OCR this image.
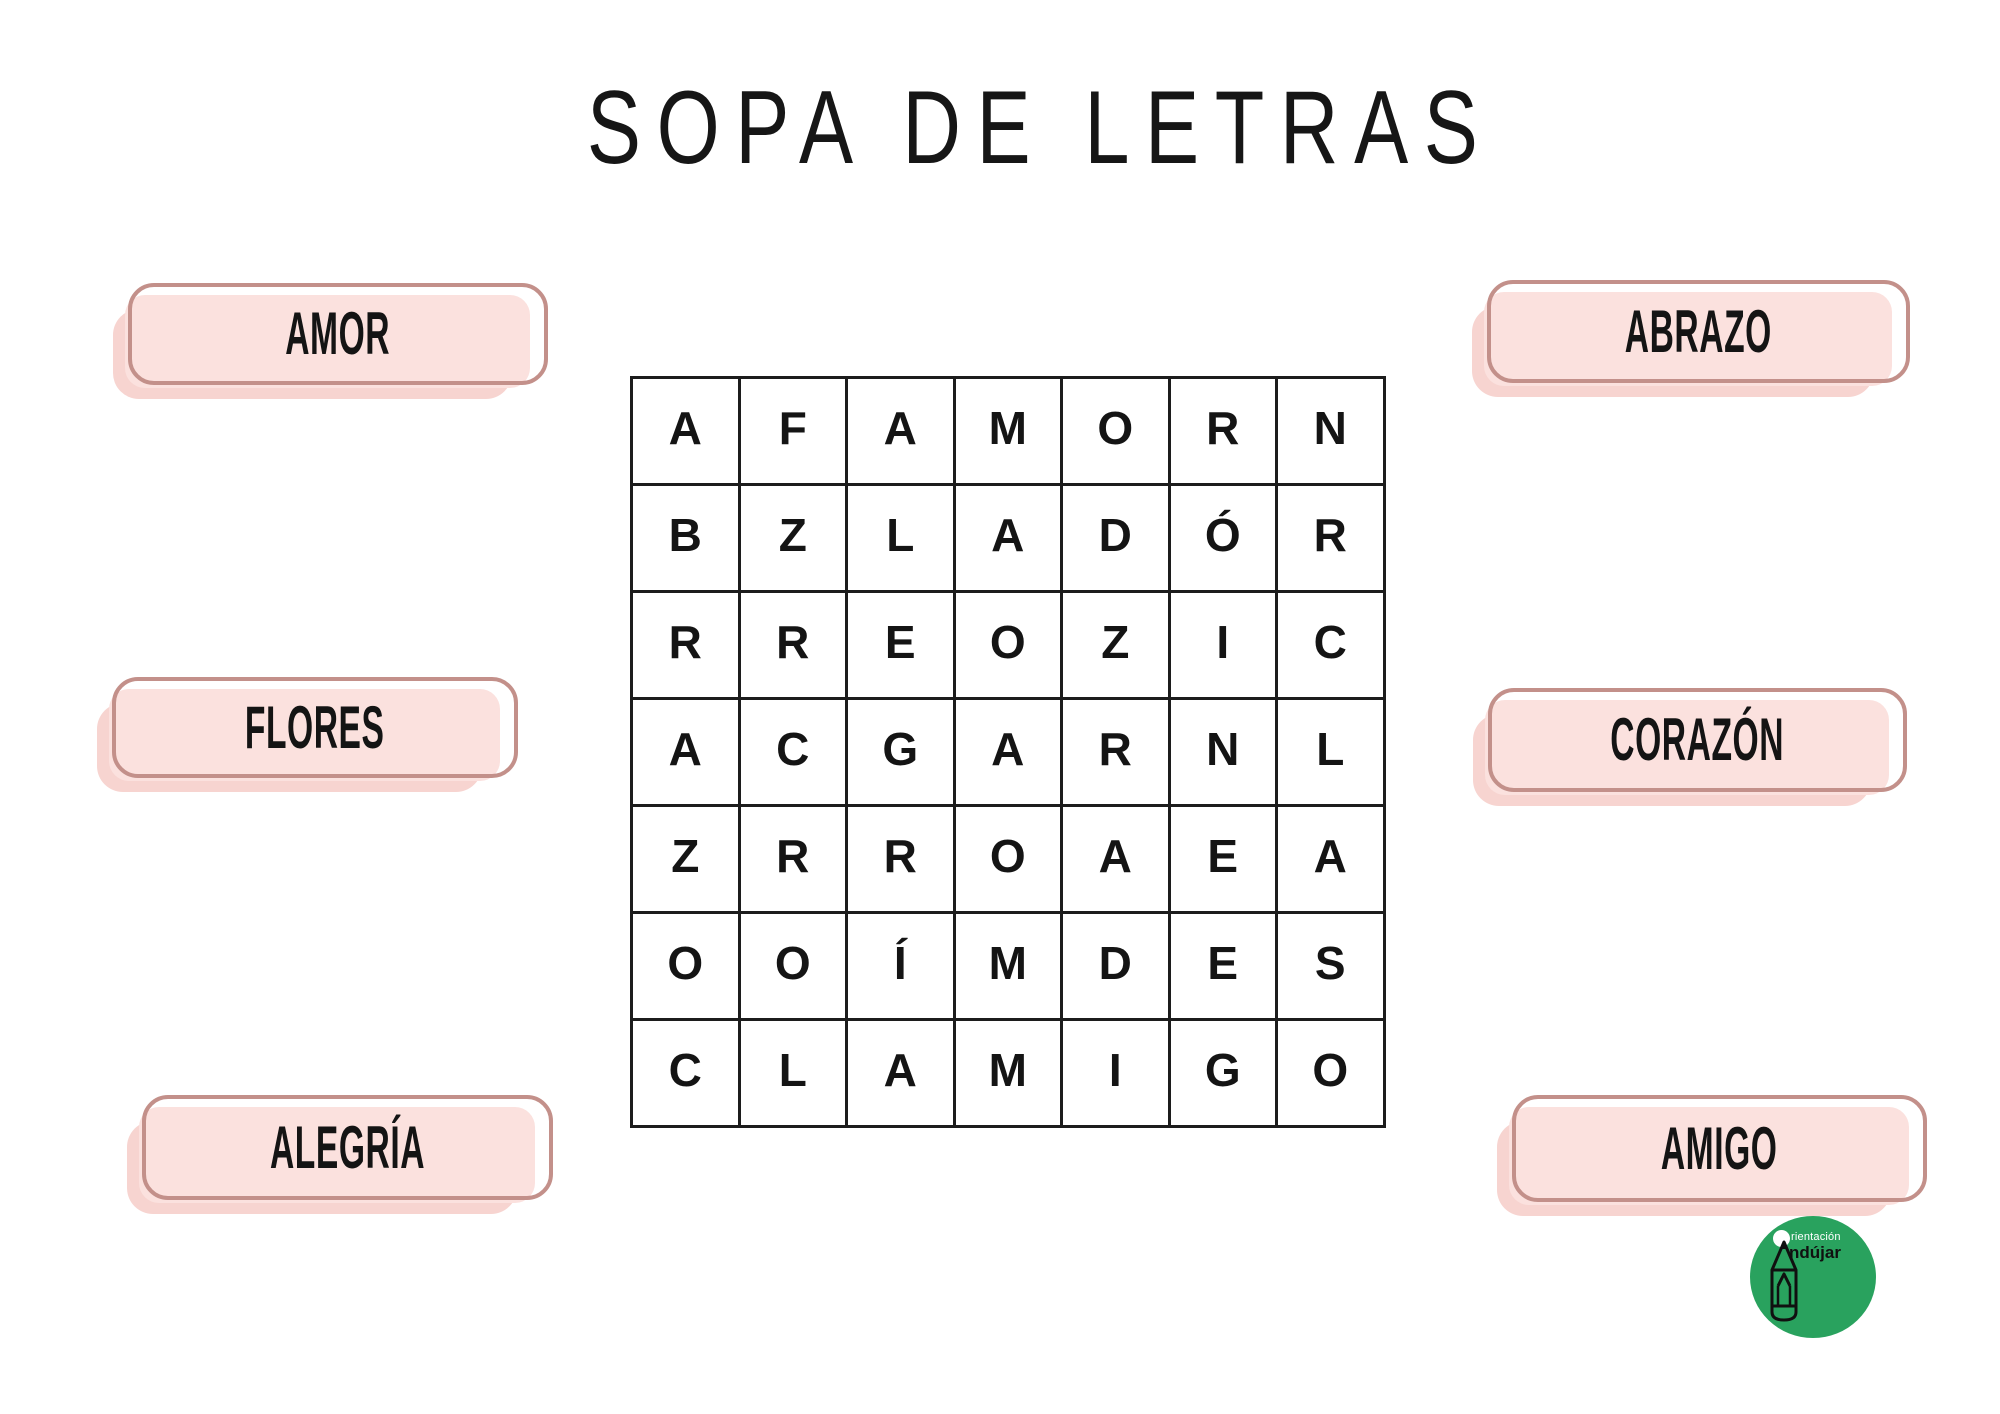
SOPA DE LETRAS
AMOR
FLORES
ALEGRÍA
ABRAZO
CORAZÓN
AMIGO
A	F	A	M	O	R	N
B	Z	L	A	D	Ó	R
R	R	E	O	Z	I	C
A	C	G	A	R	N	L
Z	R	R	O	A	E	A
O	O	Í	M	D	E	S
C	L	A	M	I	G	O
rientación
ndújar
